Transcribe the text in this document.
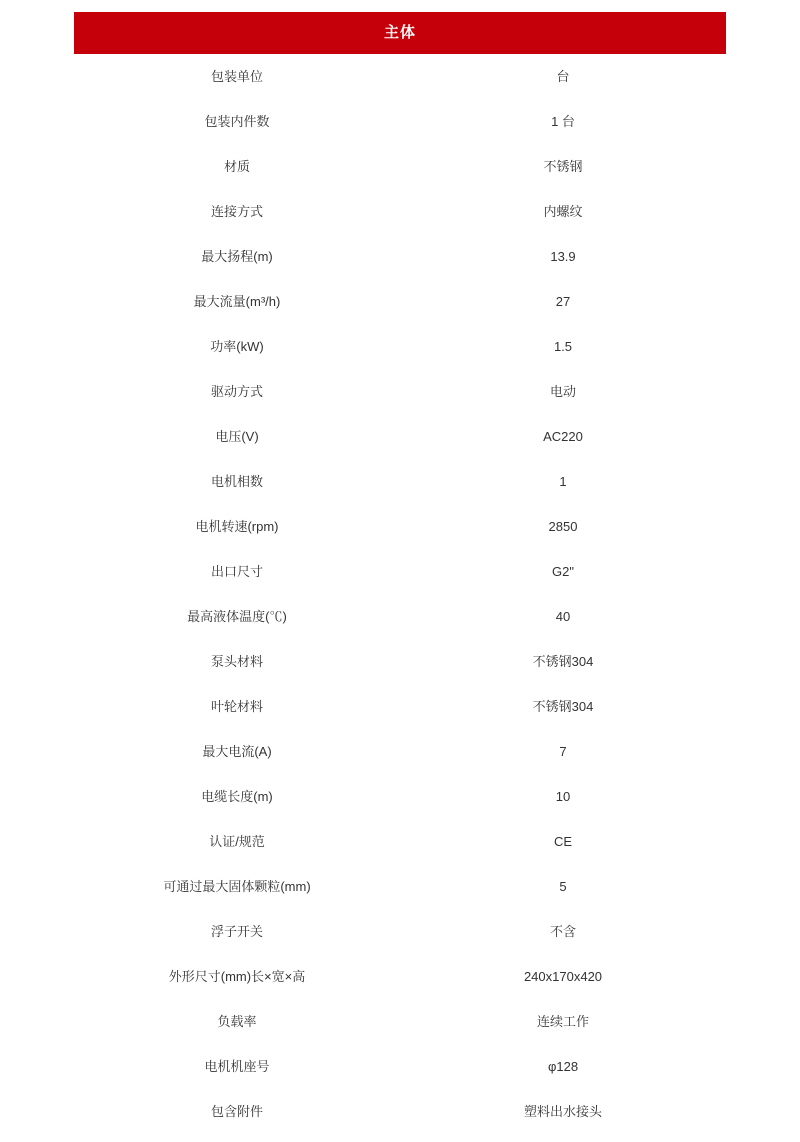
主体
包装单位	台
包装内件数	1 台
材质	不锈钢
连接方式	内螺纹
最大扬程(m)	13.9
最大流量(m³/h)	27
功率(kW)	1.5
驱动方式	电动
电压(V)	AC220
电机相数	1
电机转速(rpm)	2850
出口尺寸	G2"
最高液体温度(℃)	40
泵头材料	不锈钢304
叶轮材料	不锈钢304
最大电流(A)	7
电缆长度(m)	10
认证/规范	CE
可通过最大固体颗粒(mm)	5
浮子开关	不含
外形尺寸(mm)长×宽×高	240x170x420
负载率	连续工作
电机机座号	φ128
包含附件	塑料出水接头
